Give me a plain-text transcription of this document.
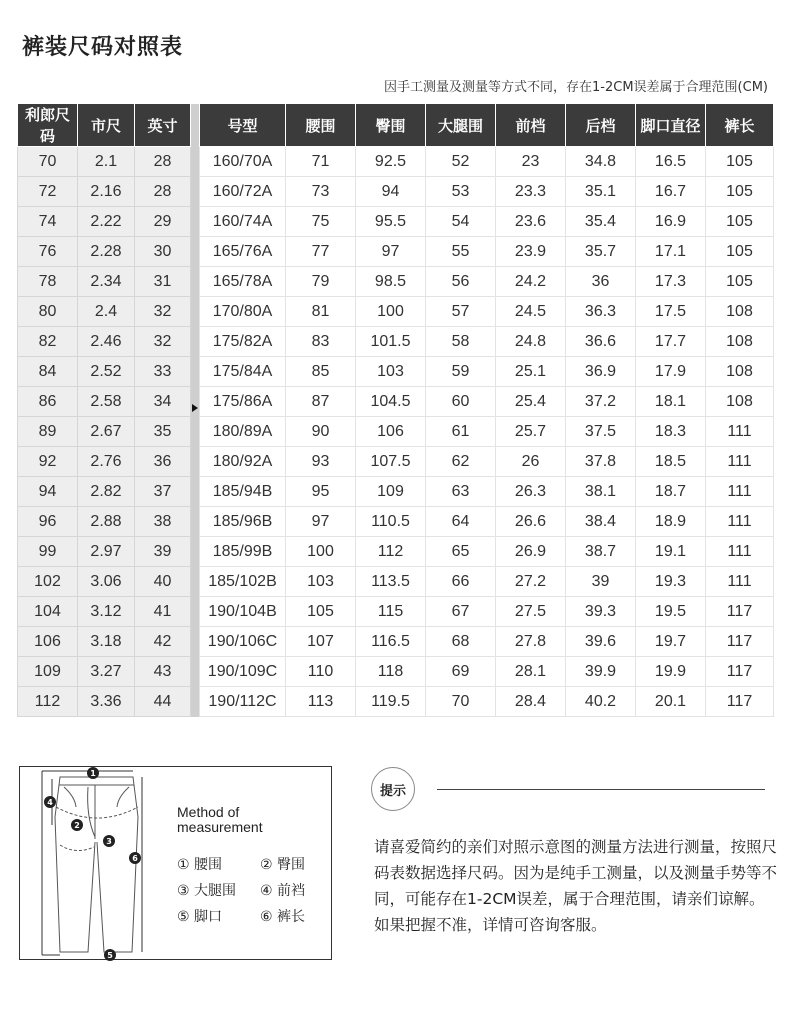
裤装尺码对照表
因手工测量及测量等方式不同，存在1-2CM误差属于合理范围(CM)
利郎尺码	市尺	英寸		号型	腰围	臀围	大腿围	前档	后档	脚口直径	裤长
70	2.1	28		160/70A	71	92.5	52	23	34.8	16.5	105
72	2.16	28		160/72A	73	94	53	23.3	35.1	16.7	105
74	2.22	29		160/74A	75	95.5	54	23.6	35.4	16.9	105
76	2.28	30		165/76A	77	97	55	23.9	35.7	17.1	105
78	2.34	31		165/78A	79	98.5	56	24.2	36	17.3	105
80	2.4	32		170/80A	81	100	57	24.5	36.3	17.5	108
82	2.46	32		175/82A	83	101.5	58	24.8	36.6	17.7	108
84	2.52	33		175/84A	85	103	59	25.1	36.9	17.9	108
86	2.58	34		175/86A	87	104.5	60	25.4	37.2	18.1	108
89	2.67	35		180/89A	90	106	61	25.7	37.5	18.3	111
92	2.76	36		180/92A	93	107.5	62	26	37.8	18.5	111
94	2.82	37		185/94B	95	109	63	26.3	38.1	18.7	111
96	2.88	38		185/96B	97	110.5	64	26.6	38.4	18.9	111
99	2.97	39		185/99B	100	112	65	26.9	38.7	19.1	111
102	3.06	40		185/102B	103	113.5	66	27.2	39	19.3	111
104	3.12	41		190/104B	105	115	67	27.5	39.3	19.5	117
106	3.18	42		190/106C	107	116.5	68	27.8	39.6	19.7	117
109	3.27	43		190/109C	110	118	69	28.1	39.9	19.9	117
112	3.36	44		190/112C	113	119.5	70	28.4	40.2	20.1	117
1
2
3
4
5
6
Method of
measurement
① 腰围	② 臀围
③ 大腿围 ④ 前裆
⑤ 脚口	⑥ 裤长
提示
请喜爱简约的亲们对照示意图的测量方法进行测量，按照尺码表数据选择尺码。因为是纯手工测量，以及测量手势等不同，可能存在1-2CM误差，属于合理范围，请亲们谅解。如果把握不准，详情可咨询客服。
